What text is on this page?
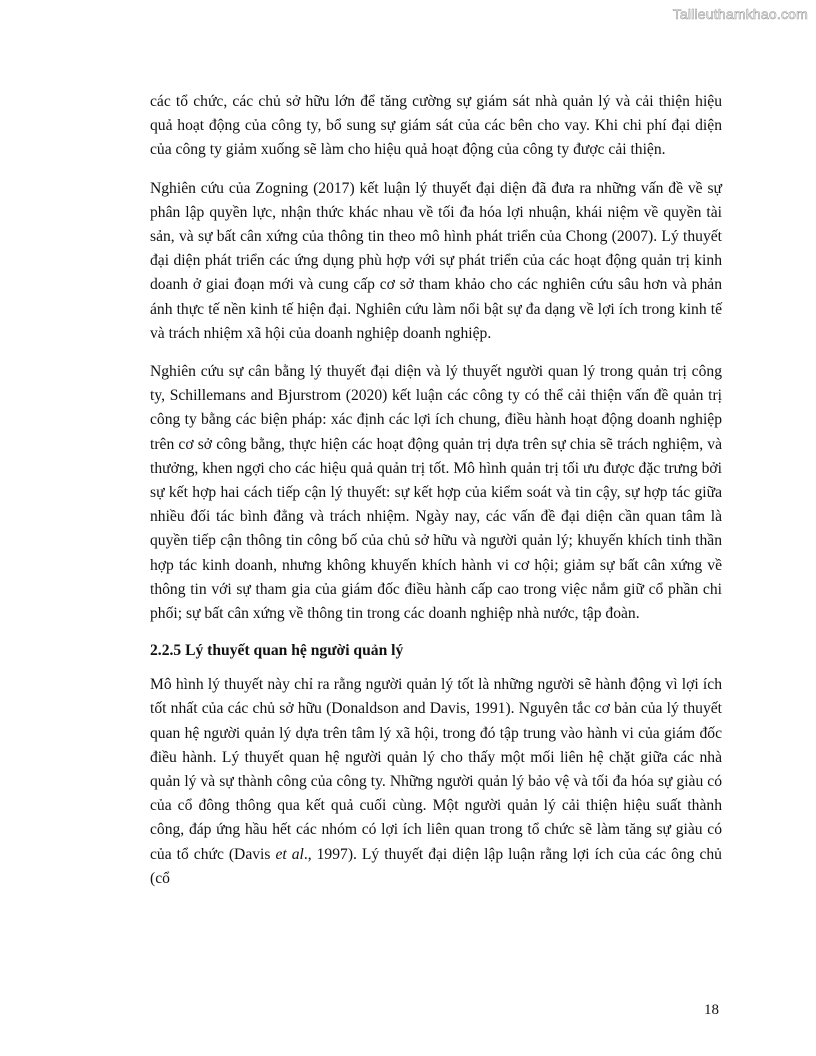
Tailieuthamkhao.com

các tổ chức, các chủ sở hữu lớn để tăng cường sự giám sát nhà quản lý và cải thiện hiệu quả hoạt động của công ty, bổ sung sự giám sát của các bên cho vay. Khi chi phí đại diện của công ty giảm xuống sẽ làm cho hiệu quả hoạt động của công ty được cải thiện.

Nghiên cứu của Zogning (2017) kết luận lý thuyết đại diện đã đưa ra những vấn đề về sự phân lập quyền lực, nhận thức khác nhau về tối đa hóa lợi nhuận, khái niệm về quyền tài sản, và sự bất cân xứng của thông tin theo mô hình phát triển của Chong (2007). Lý thuyết đại diện phát triển các ứng dụng phù hợp với sự phát triển của các hoạt động quản trị kinh doanh ở giai đoạn mới và cung cấp cơ sở tham khảo cho các nghiên cứu sâu hơn và phản ánh thực tế nền kinh tế hiện đại. Nghiên cứu làm nổi bật sự đa dạng về lợi ích trong kinh tế và trách nhiệm xã hội của doanh nghiệp doanh nghiệp.

Nghiên cứu sự cân bằng lý thuyết đại diện và lý thuyết người quan lý trong quản trị công ty, Schillemans and Bjurstrom (2020) kết luận các công ty có thể cải thiện vấn đề quản trị công ty bằng các biện pháp: xác định các lợi ích chung, điều hành hoạt động doanh nghiệp trên cơ sở công bằng, thực hiện các hoạt động quản trị dựa trên sự chia sẽ trách nghiệm, và thưởng, khen ngợi cho các hiệu quả quản trị tốt. Mô hình quản trị tối ưu được đặc trưng bởi sự kết hợp hai cách tiếp cận lý thuyết: sự kết hợp của kiểm soát và tin cậy, sự hợp tác giữa nhiều đối tác bình đẳng và trách nhiệm. Ngày nay, các vấn đề đại diện cần quan tâm là quyền tiếp cận thông tin công bố của chủ sở hữu và người quản lý; khuyến khích tinh thần hợp tác kinh doanh, nhưng không khuyến khích hành vi cơ hội; giảm sự bất cân xứng về thông tin với sự tham gia của giám đốc điều hành cấp cao trong việc nắm giữ cổ phần chi phối; sự bất cân xứng về thông tin trong các doanh nghiệp nhà nước, tập đoàn.

2.2.5 Lý thuyết quan hệ người quản lý

Mô hình lý thuyết này chỉ ra rằng người quản lý tốt là những người sẽ hành động vì lợi ích tốt nhất của các chủ sở hữu (Donaldson and Davis, 1991). Nguyên tắc cơ bản của lý thuyết quan hệ người quản lý dựa trên tâm lý xã hội, trong đó tập trung vào hành vi của giám đốc điều hành. Lý thuyết quan hệ người quản lý cho thấy một mối liên hệ chặt giữa các nhà quản lý và sự thành công của công ty. Những người quản lý bảo vệ và tối đa hóa sự giàu có của cổ đông thông qua kết quả cuối cùng. Một người quản lý cải thiện hiệu suất thành công, đáp ứng hầu hết các nhóm có lợi ích liên quan trong tổ chức sẽ làm tăng sự giàu có của tổ chức (Davis et al., 1997). Lý thuyết đại diện lập luận rằng lợi ích của các ông chủ (cổ

18
